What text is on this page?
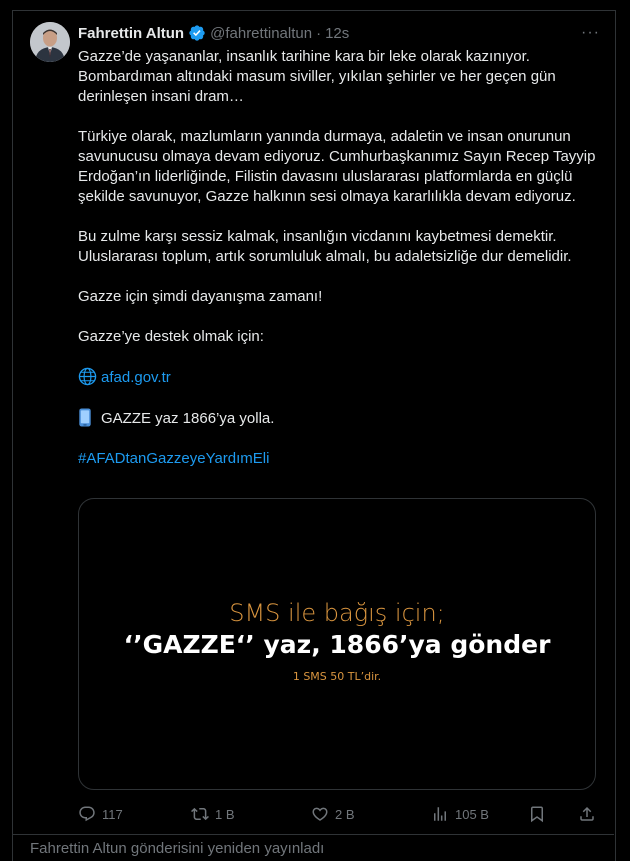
Fahrettin Altun @fahrettinaltun · 12s	···

Gazze’de yaşananlar, insanlık tarihine kara bir leke olarak kazınıyor. Bombardıman altındaki masum siviller, yıkılan şehirler ve her geçen gün derinleşen insani dram…

Türkiye olarak, mazlumların yanında durmaya, adaletin ve insan onurunun savunucusu olmaya devam ediyoruz. Cumhurbaşkanımız Sayın Recep Tayyip Erdoğan’ın liderliğinde, Filistin davasını uluslararası platformlarda en güçlü şekilde savunuyor, Gazze halkının sesi olmaya kararlılıkla devam ediyoruz.

Bu zulme karşı sessiz kalmak, insanlığın vicdanını kaybetmesi demektir. Uluslararası toplum, artık sorumluluk almalı, bu adaletsizliğe dur demelidir.

Gazze için şimdi dayanışma zamanı!

Gazze’ye destek olmak için:

afad.gov.tr

GAZZE yaz 1866’ya yolla.

#AFADtanGazzeyeYardımEli

SMS ile bağış için;
‘’GAZZE‘’ yaz, 1866’ya gönder
1 SMS 50 TL’dir.
117	1 B	2 B	105 B
Fahrettin Altun gönderisini yeniden yayınladı
